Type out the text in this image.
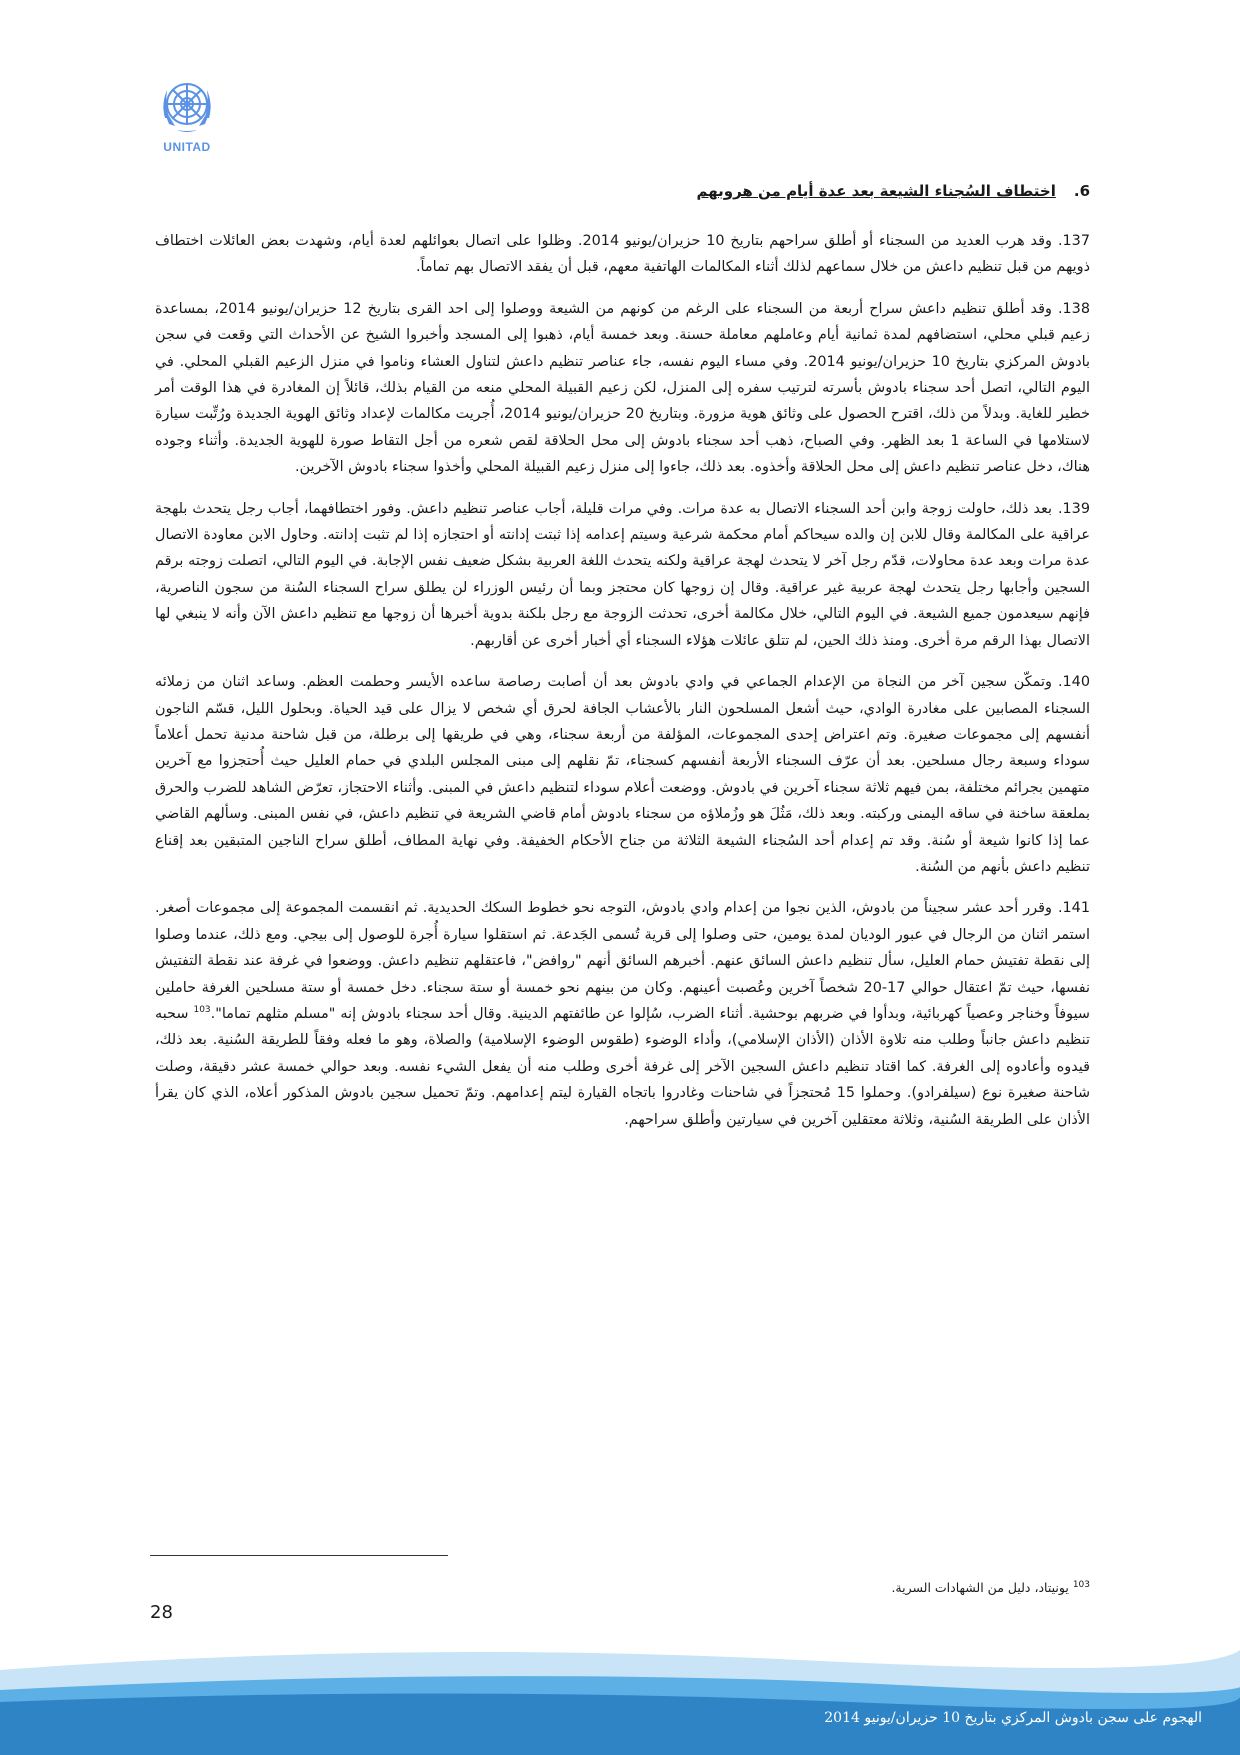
UNITAD
6.اختطاف السُجناء الشيعة بعد عدة أيام من هروبهم

137.وقد هرب العديد من السجناء أو أطلق سراحهم بتاريخ 10 حزيران/يونيو 2014. وظلوا على اتصال بعوائلهم لعدة أيام، وشهدت بعض العائلات اختطاف ذويهم من قبل تنظيم داعش من خلال سماعهم لذلك أثناء المكالمات الهاتفية معهم، قبل أن يفقد الاتصال بهم تماماً.

138.وقد أطلق تنظيم داعش سراح أربعة من السجناء على الرغم من كونهم من الشيعة ووصلوا إلى احد القرى بتاريخ 12 حزيران/يونيو 2014، بمساعدة زعيم قبلي محلي، استضافهم لمدة ثمانية أيام وعاملهم معاملة حسنة. وبعد خمسة أيام، ذهبوا إلى المسجد وأخبروا الشيخ عن الأحداث التي وقعت في سجن بادوش المركزي بتاريخ 10 حزيران/يونيو 2014. وفي مساء اليوم نفسه، جاء عناصر تنظيم داعش لتناول العشاء وناموا في منزل الزعيم القبلي المحلي. في اليوم التالي، اتصل أحد سجناء بادوش بأسرته لترتيب سفره إلى المنزل، لكن زعيم القبيلة المحلي منعه من القيام بذلك، قائلاً إن المغادرة في هذا الوقت أمر خطير للغاية. وبدلاً من ذلك، اقترح الحصول على وثائق هوية مزورة. وبتاريخ 20 حزيران/يونيو 2014، أُجريت مكالمات لإعداد وثائق الهوية الجديدة ورُتِّبت سيارة لاستلامها في الساعة 1 بعد الظهر. وفي الصباح، ذهب أحد سجناء بادوش إلى محل الحلاقة لقص شعره من أجل التقاط صورة للهوية الجديدة. وأثناء وجوده هناك، دخل عناصر تنظيم داعش إلى محل الحلاقة وأخذوه. بعد ذلك، جاءوا إلى منزل زعيم القبيلة المحلي وأخذوا سجناء بادوش الآخرين.

139.بعد ذلك، حاولت زوجة وابن أحد السجناء الاتصال به عدة مرات. وفي مرات قليلة، أجاب عناصر تنظيم داعش. وفور اختطافهما، أجاب رجل يتحدث بلهجة عراقية على المكالمة وقال للابن إن والده سيحاكم أمام محكمة شرعية وسيتم إعدامه إذا ثبتت إدانته أو احتجازه إذا لم تثبت إدانته. وحاول الابن معاودة الاتصال عدة مرات وبعد عدة محاولات، قدّم رجل آخر لا يتحدث لهجة عراقية ولكنه يتحدث اللغة العربية بشكل ضعيف نفس الإجابة. في اليوم التالي، اتصلت زوجته برقم السجين وأجابها رجل يتحدث لهجة عربية غير عراقية. وقال إن زوجها كان محتجز وبما أن رئيس الوزراء لن يطلق سراح السجناء السُنة من سجون الناصرية، فإنهم سيعدمون جميع الشيعة. في اليوم التالي، خلال مكالمة أخرى، تحدثت الزوجة مع رجل بلكنة بدوية أخبرها أن زوجها مع تنظيم داعش الآن وأنه لا ينبغي لها الاتصال بهذا الرقم مرة أخرى. ومنذ ذلك الحين، لم تتلق عائلات هؤلاء السجناء أي أخبار أخرى عن أقاربهم.

140.وتمكّن سجين آخر من النجاة من الإعدام الجماعي في وادي بادوش بعد أن أصابت رصاصة ساعده الأيسر وحطمت العظم. وساعد اثنان من زملائه السجناء المصابين على مغادرة الوادي، حيث أشعل المسلحون النار بالأعشاب الجافة لحرق أي شخص لا يزال على قيد الحياة. وبحلول الليل، قسّم الناجون أنفسهم إلى مجموعات صغيرة. وتم اعتراض إحدى المجموعات، المؤلفة من أربعة سجناء، وهي في طريقها إلى برطلة، من قبل شاحنة مدنية تحمل أعلاماً سوداء وسبعة رجال مسلحين. بعد أن عرّف السجناء الأربعة أنفسهم كسجناء، تمّ نقلهم إلى مبنى المجلس البلدي في حمام العليل حيث أُحتجزوا مع آخرين متهمين بجرائم مختلفة، بمن فيهم ثلاثة سجناء آخرين في بادوش. ووضعت أعلام سوداء لتنظيم داعش في المبنى. وأثناء الاحتجاز، تعرّض الشاهد للضرب والحرق بملعقة ساخنة في ساقه اليمنى وركبته. وبعد ذلك، مَثُلَ هو وزُملاؤه من سجناء بادوش أمام قاضي الشريعة في تنظيم داعش، في نفس المبنى. وسألهم القاضي عما إذا كانوا شيعة أو سُنة. وقد تم إعدام أحد السُجناء الشيعة الثلاثة من جناح الأحكام الخفيفة. وفي نهاية المطاف، أطلق سراح الناجين المتبقين بعد إقناع تنظيم داعش بأنهم من السُنة.

141.وقرر أحد عشر سجيناً من بادوش، الذين نجوا من إعدام وادي بادوش، التوجه نحو خطوط السكك الحديدية. ثم انقسمت المجموعة إلى مجموعات أصغر. استمر اثنان من الرجال في عبور الوديان لمدة يومين، حتى وصلوا إلى قرية تُسمى الجَدعة. ثم استقلوا سيارة أُجرة للوصول إلى بيجي. ومع ذلك، عندما وصلوا إلى نقطة تفتيش حمام العليل، سأل تنظيم داعش السائق عنهم. أخبرهم السائق أنهم "روافض"، فاعتقلهم تنظيم داعش. ووضعوا في غرفة عند نقطة التفتيش نفسها، حيث تمّ اعتقال حوالي 17-20 شخصاً آخرين وعُصبت أعينهم. وكان من بينهم نحو خمسة أو ستة سجناء. دخل خمسة أو ستة مسلحين الغرفة حاملين سيوفاً وخناجر وعصياً كهربائية، وبدأوا في ضربهم بوحشية. أثناء الضرب، سُإلوا عن طائفتهم الدينية. وقال أحد سجناء بادوش إنه "مسلم مثلهم تماما".$^{103}$ سحبه تنظيم داعش جانباً وطلب منه تلاوة الأذان (الأذان الإسلامي)، وأداء الوضوء (طقوس الوضوء الإسلامية) والصلاة، وهو ما فعله وفقاً للطريقة السُنية. بعد ذلك، قيدوه وأعادوه إلى الغرفة. كما اقتاد تنظيم داعش السجين الآخر إلى غرفة أخرى وطلب منه أن يفعل الشيء نفسه. وبعد حوالي خمسة عشر دقيقة، وصلت شاحنة صغيرة نوع (سيلفرادو). وحملوا 15 مُحتجزاً في شاحنات وغادروا باتجاه القيارة ليتم إعدامهم. وتمّ تحميل سجين بادوش المذكور أعلاه، الذي كان يقرأ الأذان على الطريقة السُنية، وثلاثة معتقلين آخرين في سيارتين وأطلق سراحهم.

$^{103}$ يونيتاد، دليل من الشهادات السرية.
28
الهجوم على سجن بادوش المركزي بتاريخ 10 حزيران/يونيو 2014
